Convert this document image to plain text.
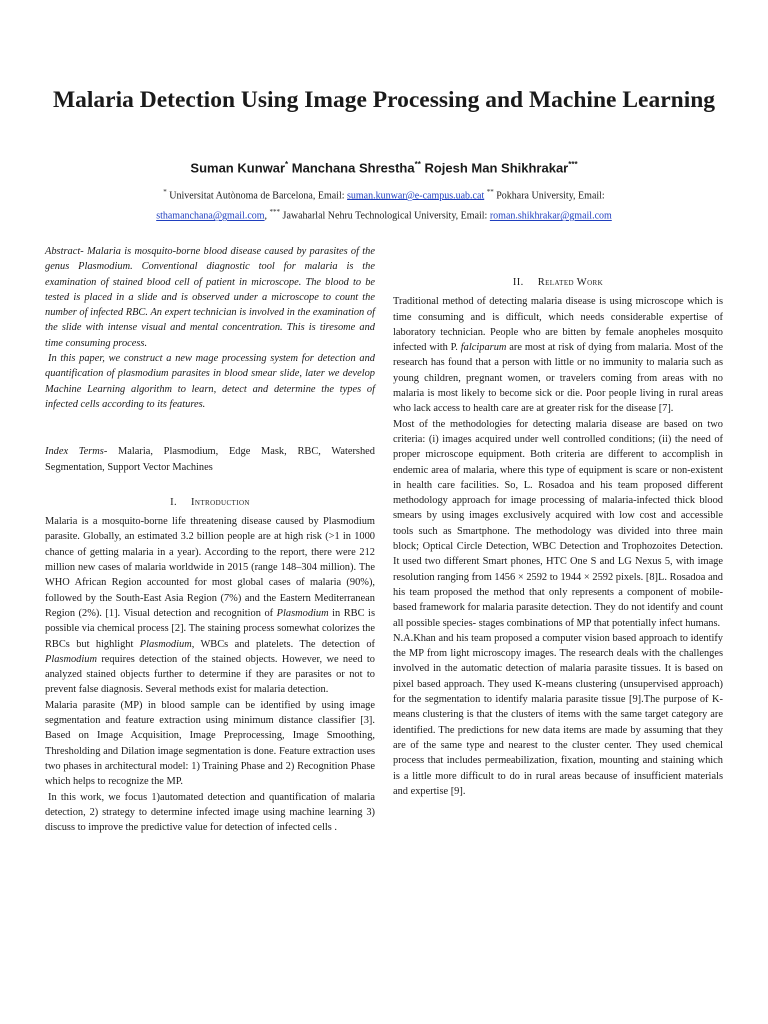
Malaria Detection Using Image Processing and Machine Learning
Suman Kunwar* Manchana Shrestha** Rojesh Man Shikhrakar***
* Universitat Autònoma de Barcelona, Email: suman.kunwar@e-campus.uab.cat ** Pokhara University, Email:
sthamanchana@gmail.com, *** Jawaharlal Nehru Technological University, Email: roman.shikhrakar@gmail.com

Abstract- Malaria is mosquito-borne blood disease caused by parasites of the genus Plasmodium. Conventional diagnostic tool for malaria is the examination of stained blood cell of patient in microscope. The blood to be tested is placed in a slide and is observed under a microscope to count the number of infected RBC. An expert technician is involved in the examination of the slide with intense visual and mental concentration. This is tiresome and time consuming process.

In this paper, we construct a new mage processing system for detection and quantification of plasmodium parasites in blood smear slide, later we develop Machine Learning algorithm to learn, detect and determine the types of infected cells according to its features.

Index Terms- Malaria, Plasmodium, Edge Mask, RBC, Watershed Segmentation, Support Vector Machines

I. Introduction

Malaria is a mosquito-borne life threatening disease caused by Plasmodium parasite. Globally, an estimated 3.2 billion people are at high risk (>1 in 1000 chance of getting malaria in a year). According to the report, there were 212 million new cases of malaria worldwide in 2015 (range 148–304 million). The WHO African Region accounted for most global cases of malaria (90%), followed by the South-East Asia Region (7%) and the Eastern Mediterranean Region (2%). [1]. Visual detection and recognition of Plasmodium in RBC is possible via chemical process [2]. The staining process somewhat colorizes the RBCs but highlight Plasmodium, WBCs and platelets. The detection of Plasmodium requires detection of the stained objects. However, we need to analyzed stained objects further to determine if they are parasites or not to prevent false diagnosis. Several methods exist for malaria detection.

Malaria parasite (MP) in blood sample can be identified by using image segmentation and feature extraction using minimum distance classifier [3]. Based on Image Acquisition, Image Preprocessing, Image Smoothing, Thresholding and Dilation image segmentation is done. Feature extraction uses two phases in architectural model: 1) Training Phase and 2) Recognition Phase which helps to recognize the MP.

In this work, we focus 1)automated detection and quantification of malaria detection, 2) strategy to determine infected image using machine learning 3) discuss to improve the predictive value for detection of infected cells .

II. Related Work

Traditional method of detecting malaria disease is using microscope which is time consuming and is difficult, which needs considerable expertise of laboratory technician. People who are bitten by female anopheles mosquito infected with P. falciparum are most at risk of dying from malaria. Most of the research has found that a person with little or no immunity to malaria such as young children, pregnant women, or travelers coming from areas with no malaria is most likely to become sick or die. Poor people living in rural areas who lack access to health care are at greater risk for the disease [7].

Most of the methodologies for detecting malaria disease are based on two criteria: (i) images acquired under well controlled conditions; (ii) the need of proper microscope equipment. Both criteria are different to accomplish in endemic area of malaria, where this type of equipment is scare or non-existent in health care facilities. So, L. Rosadoa and his team proposed different methodology approach for image processing of malaria-infected thick blood smears by using images exclusively acquired with low cost and accessible tools such as Smartphone. The methodology was divided into three main block; Optical Circle Detection, WBC Detection and Trophozoites Detection. It used two different Smart phones, HTC One S and LG Nexus 5, with image resolution ranging from 1456 × 2592 to 1944 × 2592 pixels. [8]L. Rosadoa and his team proposed the method that only represents a component of mobile-based framework for malaria parasite detection. They do not identify and count all possible species- stages combinations of MP that potentially infect humans.

N.A.Khan and his team proposed a computer vision based approach to identify the MP from light microscopy images. The research deals with the challenges involved in the automatic detection of malaria parasite tissues. It is based on pixel based approach. They used K-means clustering (unsupervised approach) for the segmentation to identify malaria parasite tissue [9].The purpose of K-means clustering is that the clusters of items with the same target category are identified. The predictions for new data items are made by assuming that they are of the same type and nearest to the cluster center. They used chemical process that includes permeabilization, fixation, mounting and staining which is a little more difficult to do in rural areas because of insufficient materials and expertise [9].
